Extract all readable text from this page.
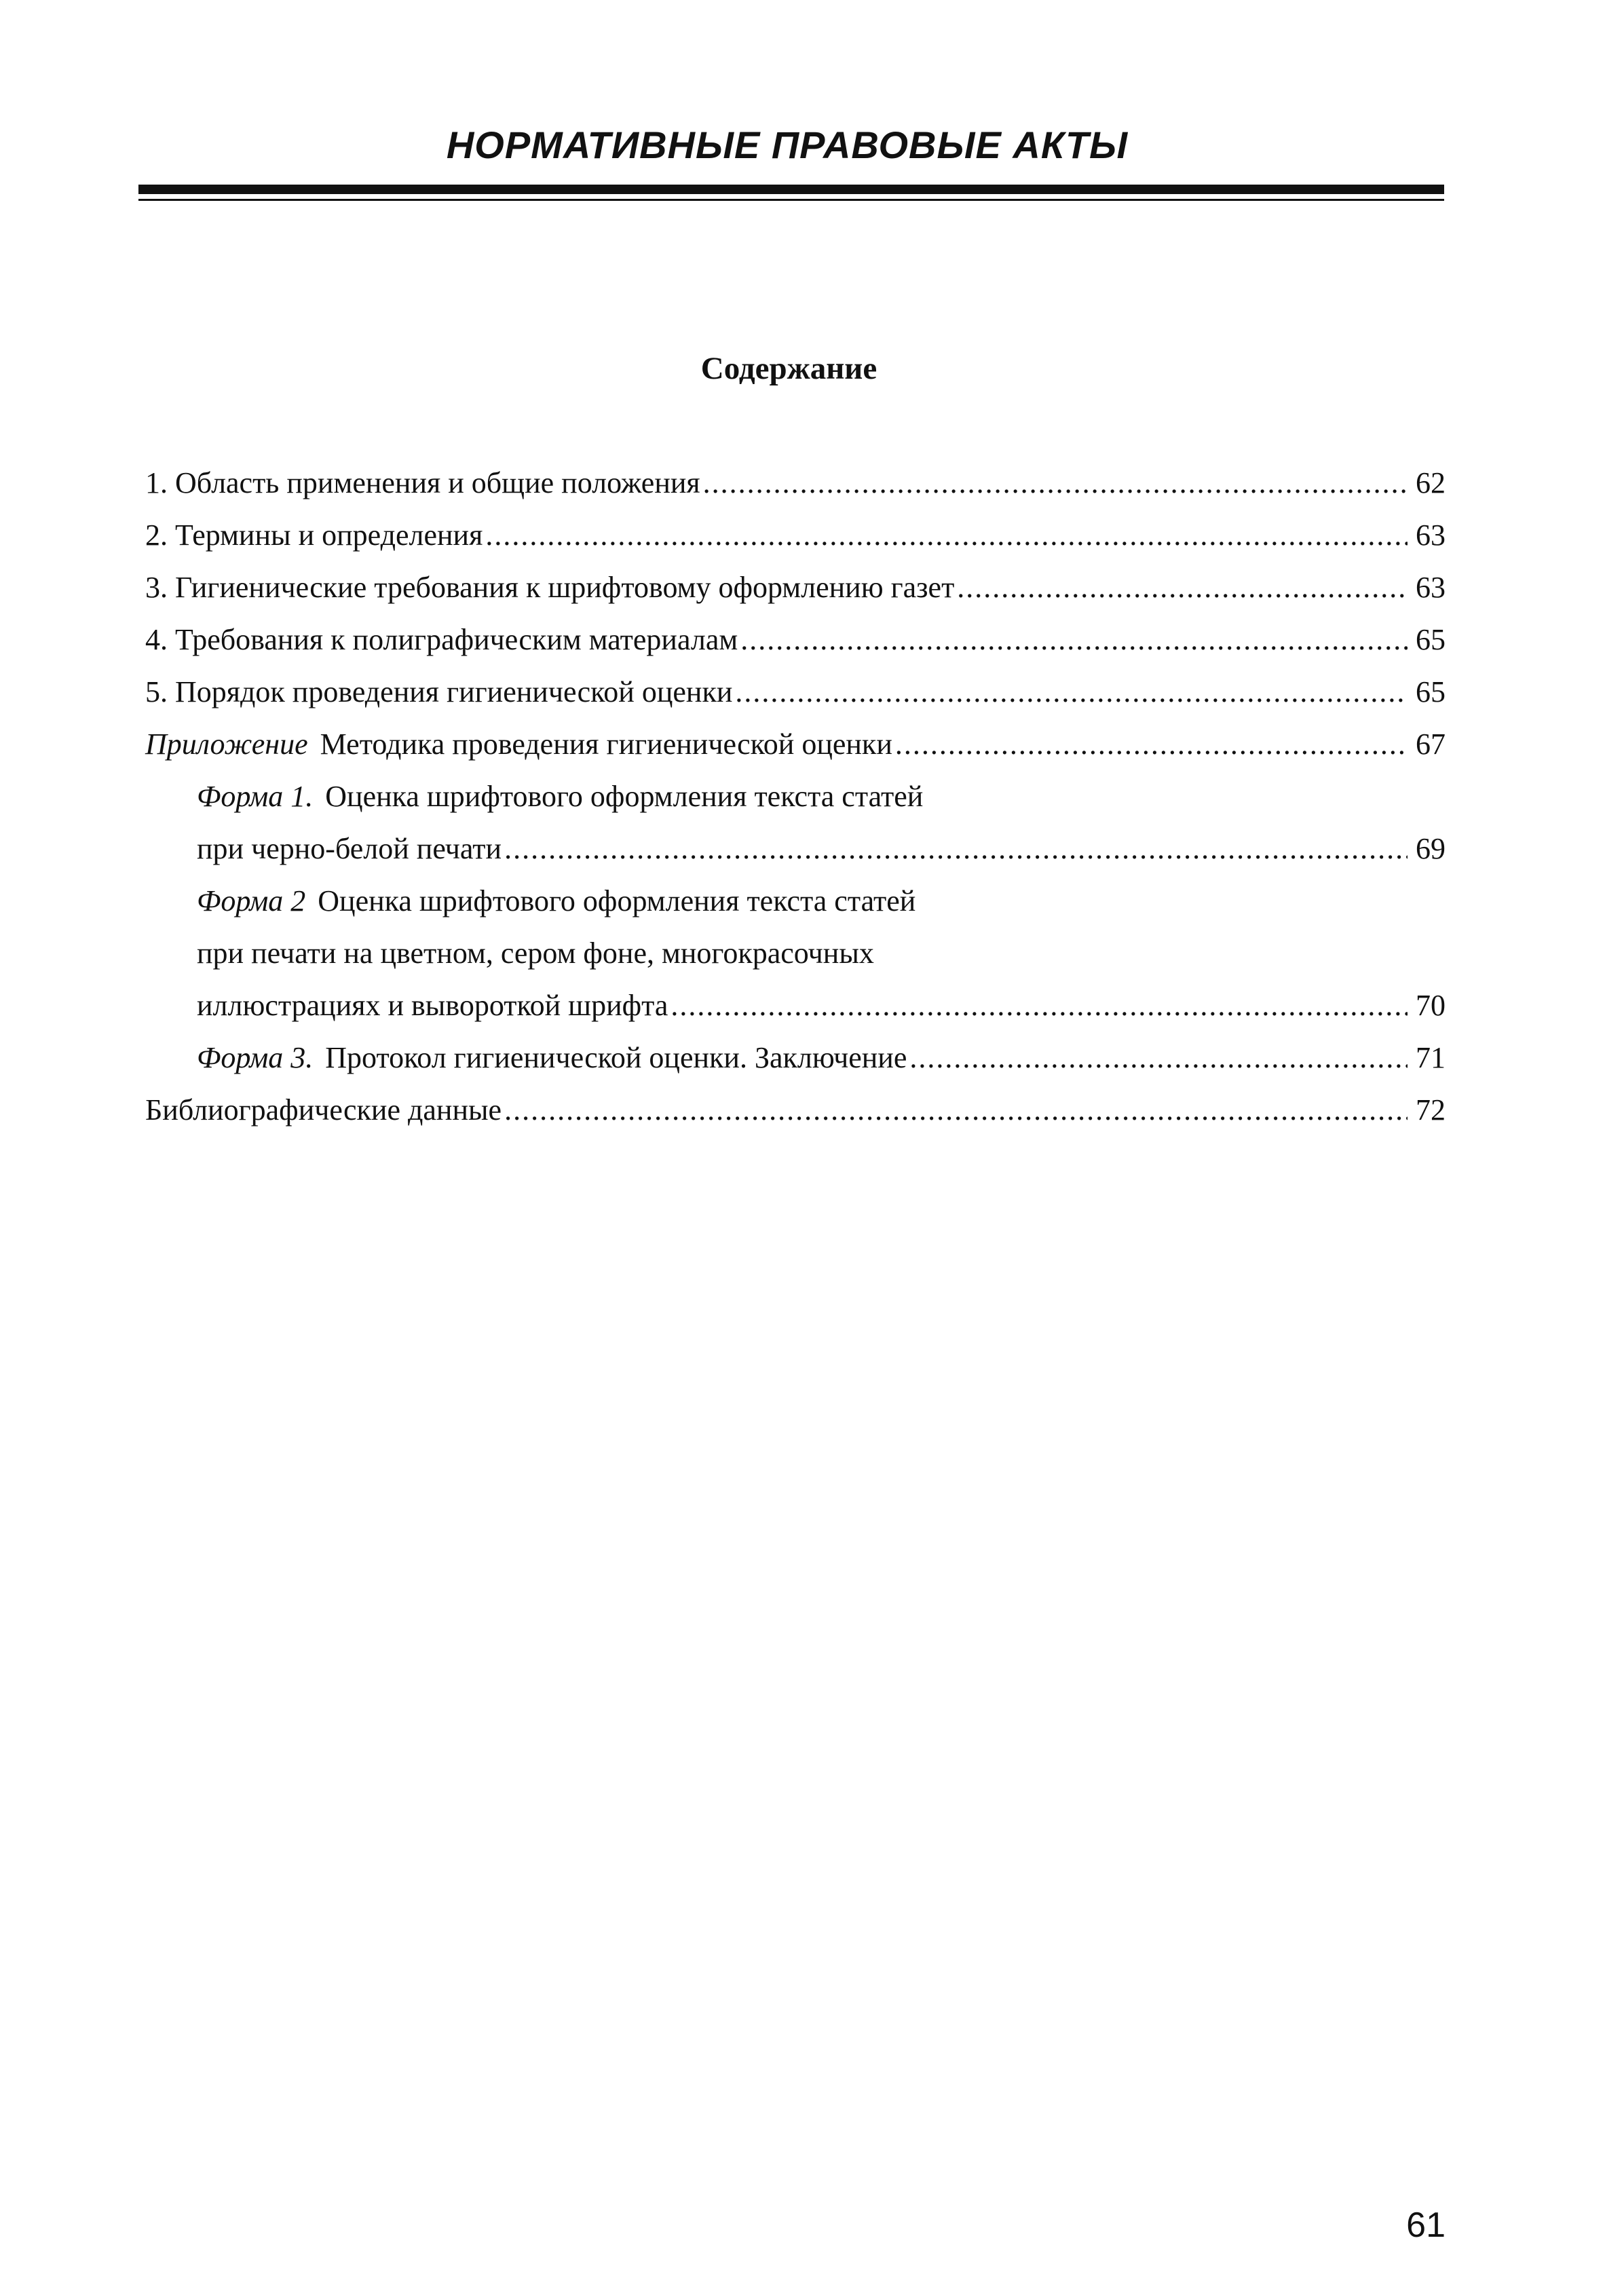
НОРМАТИВНЫЕ ПРАВОВЫЕ АКТЫ
Содержание
1. Область применения и общие положения .....	62
2. Термины и определения .....	63
3. Гигиенические требования к шрифтовому оформлению газет .....	63
4. Требования к полиграфическим материалам .....	65
5. Порядок проведения гигиенической оценки .....	65
Приложение Методика проведения гигиенической оценки .....	67
Форма 1. Оценка шрифтового оформления текста статей
при черно-белой печати .....	69
Форма 2 Оценка шрифтового оформления текста статей
при печати на цветном, сером фоне, многокрасочных
иллюстрациях и вывороткой шрифта .....	70
Форма 3. Протокол гигиенической оценки. Заключение .....	71
Библиографические данные .....	72
61
